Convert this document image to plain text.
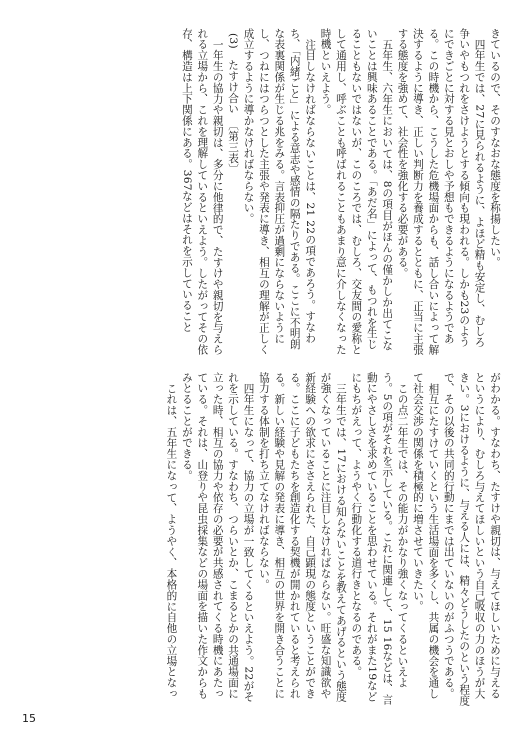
きているので、そのすなおな態度を称揚したい。

四年生では、27に見られるように、よほど精も安定し、むしろ争いやもつれをさけようとする傾向も現われる。しかも23のようにできごとに対する見とおしや予想もできるようになるようである。この時機から、こうした危機場面からも、話し合いによって解決するように導き、正しい判断力を養成するとともに、正当に主張する態度を強めて、社会性を強化する必要がある。

五年生、六年生においては、8の項目がほんの僅かしか出てこないことは興味あることである。「あだ名」によって、もつれを生じることもないではないが、このころでは、むしろ、交友間の愛称として通用し、呼ぶことも呼ばれることもあまり意に介しなくなった時機といえよう。

注目しなければならないことは、21 22の項であろう。すなわち、「内緒ごと」による意志や感情の隔たりである。ここに不明朗な表裏関係が生じる兆をみる。言表抑圧が過剰にならないようにし、つねにはつらつとした主張や発表に導き、相互の理解が正しく成立するように導かなければならない。

(3)　たすけ合い　〔第三表〕

一年生の協力や親切は、多分に他律的で、たすけや親切を与えられる立場から、これを理解しているといえよう。したがってその依存、構造は上下関係にある。367などはそれを示していること

がわかる。すなわち、たすけや親切は、与えてほしいために与えるというにより、むしろ与えてほしいという自己吸収の力のほうが大きい。3におけるように、与える人には、精々どうしたのという程度で、その以後の共同的行動にまでは出ていないのがふつうである。

相互にたすけていくという生活場面を多くし、共属の機会を通して社会交渉の関係を積極的に増させていきたい。

この点二年生では、その能力がかなり強くなってくるといえよう。5の項がそれを示している。これに関連して、15 16などは、言動にやさしさを求めていることを思わせている。それがまた19などにもちがえって、ようやく行動化する道行きとなるのである。

三年生では、17における知らないことを教えてあげるという態度が強くなっていることに注目しなければならない。旺盛な知識欲や新経験への欲求にささえられた、自己顕現の態度ということができる。ここに子どもたちを創造化する契機が開かれていると考えられる。新しい経験や見解の発表に導き、相互の世界を開き合うことに協力する体制を打ち立てなければならない。

四年生になって、協力の立場が一致してくるといえよう。22がそれを示している。すなわち、つらいとか、こまるとかの共通場面に立った時、相互の協力や依存の必要が共感されてくる時機にあたっている。それは、山登りや昆虫採集などの場面を描いた作文からもみとることができる。

これは、五年生になって、ようやく、本格的に自他の立場となっ

15
